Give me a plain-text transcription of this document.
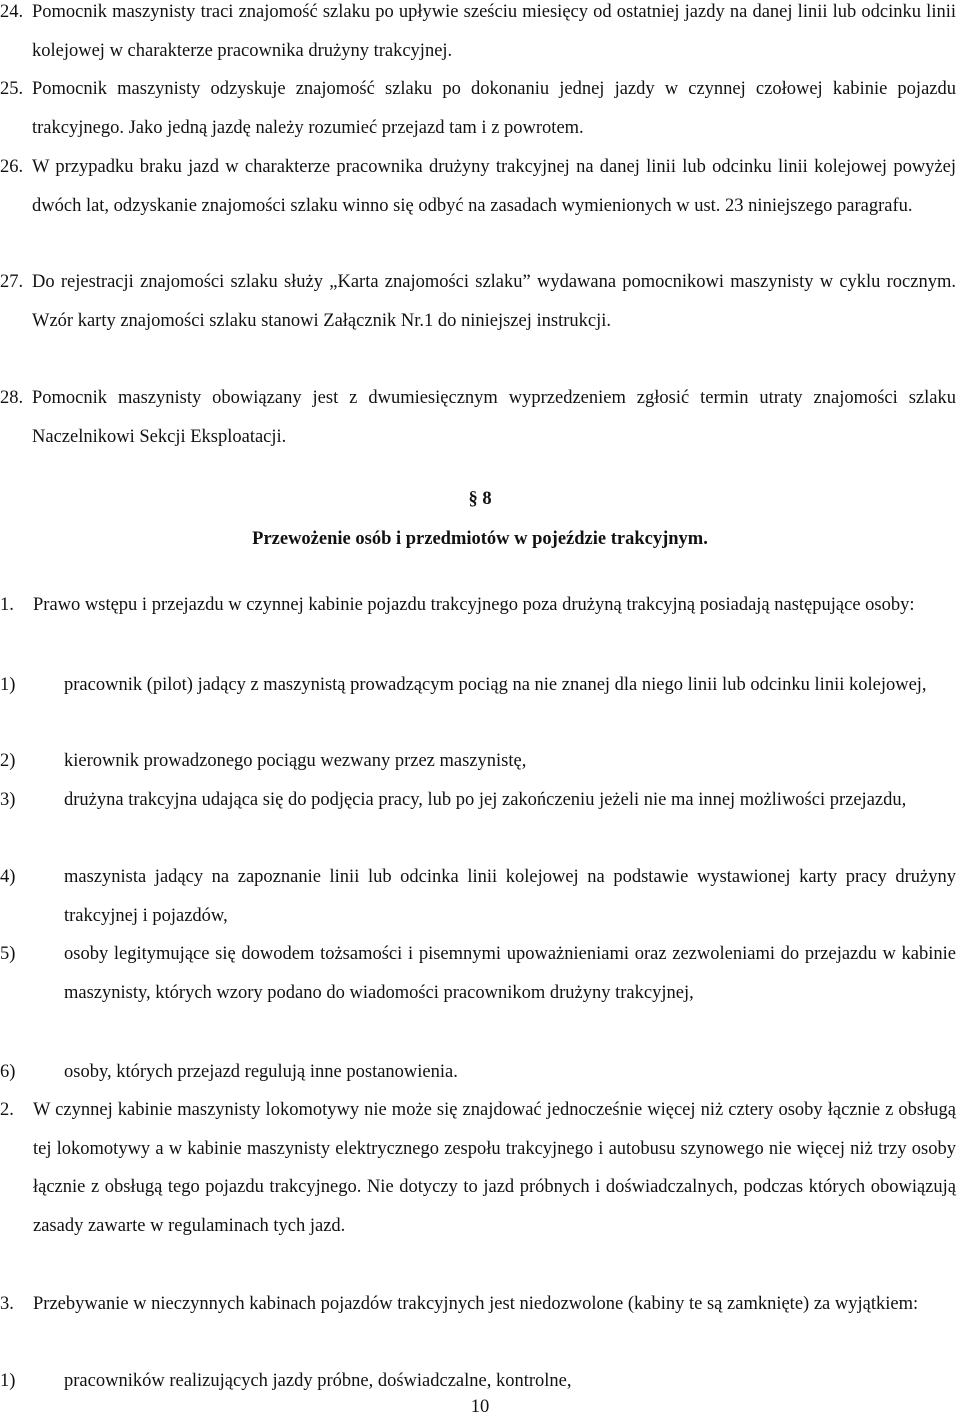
24. Pomocnik maszynisty traci znajomość szlaku po upływie sześciu miesięcy od ostatniej jazdy na danej linii lub odcinku linii kolejowej w charakterze pracownika drużyny trakcyjnej.
25. Pomocnik maszynisty odzyskuje znajomość szlaku po dokonaniu jednej jazdy w czynnej czołowej kabinie pojazdu trakcyjnego. Jako jedną jazdę należy rozumieć przejazd tam i z powrotem.
26. W przypadku braku jazd w charakterze pracownika drużyny trakcyjnej na danej linii lub odcinku linii kolejowej powyżej dwóch lat, odzyskanie znajomości szlaku winno się odbyć na zasadach wymienionych w ust. 23 niniejszego paragrafu.
27. Do rejestracji znajomości szlaku służy „Karta znajomości szlaku” wydawana pomocnikowi maszynisty w cyklu rocznym. Wzór karty znajomości szlaku stanowi Załącznik Nr.1 do niniejszej instrukcji.
28. Pomocnik maszynisty obowiązany jest z dwumiesięcznym wyprzedzeniem zgłosić termin utraty znajomości szlaku Naczelnikowi Sekcji Eksploatacji.
§ 8
Przewożenie osób i przedmiotów w pojeździe trakcyjnym.
1.	Prawo wstępu i przejazdu w czynnej kabinie pojazdu trakcyjnego poza drużyną trakcyjną posiadają następujące osoby:
1)	pracownik (pilot) jadący z maszynistą prowadzącym pociąg na nie znanej dla niego linii lub odcinku linii kolejowej,
2)	kierownik prowadzonego pociągu wezwany przez maszynistę,
3)	drużyna trakcyjna udająca się do podjęcia pracy, lub po jej zakończeniu jeżeli nie ma innej możliwości przejazdu,
4)	maszynista jadący na zapoznanie linii lub odcinka linii kolejowej na podstawie wystawionej karty pracy drużyny trakcyjnej i pojazdów,
5)	osoby legitymujące się dowodem tożsamości i pisemnymi upoważnieniami oraz zezwoleniami do przejazdu w kabinie maszynisty, których wzory podano do wiadomości pracownikom drużyny trakcyjnej,
6)	osoby, których przejazd regulują inne postanowienia.
2.	W czynnej kabinie maszynisty lokomotywy nie może się znajdować jednocześnie więcej niż cztery osoby łącznie z obsługą tej lokomotywy a w kabinie maszynisty elektrycznego zespołu trakcyjnego i autobusu szynowego nie więcej niż trzy osoby łącznie z obsługą tego pojazdu trakcyjnego. Nie dotyczy to jazd próbnych i doświadczalnych, podczas których obowiązują zasady zawarte w regulaminach tych jazd.
3.	Przebywanie w nieczynnych kabinach pojazdów trakcyjnych jest niedozwolone (kabiny te są zamknięte) za wyjątkiem:
1)	pracowników realizujących jazdy próbne, doświadczalne, kontrolne,
10
